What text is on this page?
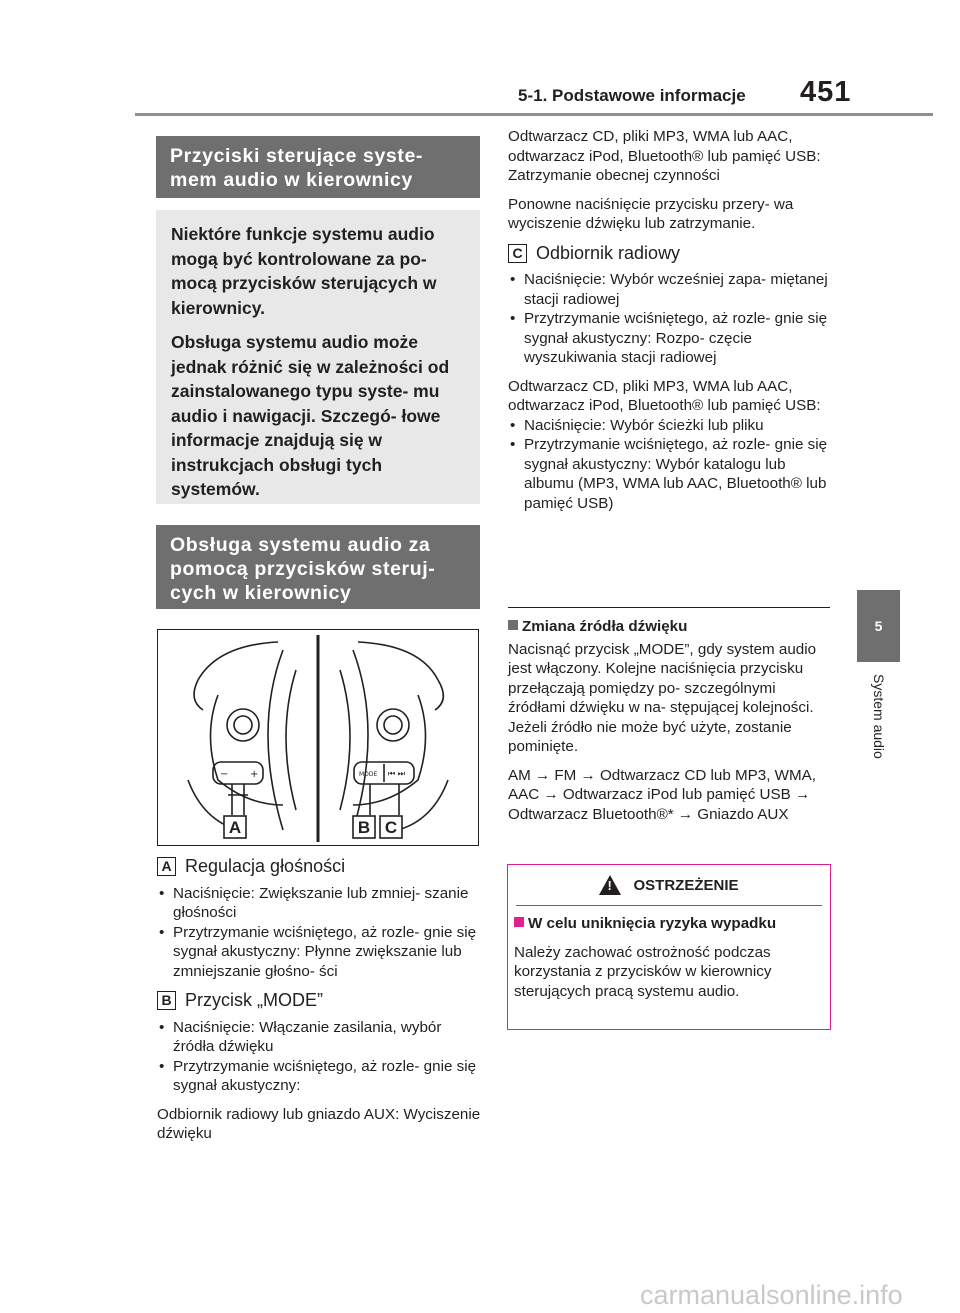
5-1. Podstawowe informacje 451
5
System audio
Przyciski sterujące syste-
mem audio w kierownicy

Niektóre funkcje systemu audio mogą być kontrolowane za po- mocą przycisków sterujących w kierownicy.

Obsługa systemu audio może jednak różnić się w zależności od zainstalowanego typu syste- mu audio i nawigacji. Szczegó- łowe informacje znajdują się w instrukcjach obsługi tych systemów.

Obsługa systemu audio za
pomocą przycisków steruj-
cych w kierownicy
− +	MODE ⏮ ⏭
A	B C
A Regulacja głośności
• Naciśnięcie: Zwiększanie lub zmniej- szanie głośności
• Przytrzymanie wciśniętego, aż rozle- gnie się sygnał akustyczny: Płynne zwiększanie lub zmniejszanie głośno- ści
B Przycisk „MODE”
• Naciśnięcie: Włączanie zasilania, wybór źródła dźwięku
• Przytrzymanie wciśniętego, aż rozle- gnie się sygnał akustyczny:

Odbiornik radiowy lub gniazdo AUX: Wyciszenie dźwięku

Odtwarzacz CD, pliki MP3, WMA lub AAC, odtwarzacz iPod, Bluetooth® lub pamięć USB: Zatrzymanie obecnej czynności

Ponowne naciśnięcie przycisku przery- wa wyciszenie dźwięku lub zatrzymanie.

C Odbiornik radiowy
• Naciśnięcie: Wybór wcześniej zapa- miętanej stacji radiowej
• Przytrzymanie wciśniętego, aż rozle- gnie się sygnał akustyczny: Rozpo- częcie wyszukiwania stacji radiowej

Odtwarzacz CD, pliki MP3, WMA lub AAC, odtwarzacz iPod, Bluetooth® lub pamięć USB:

• Naciśnięcie: Wybór ścieżki lub pliku
• Przytrzymanie wciśniętego, aż rozle- gnie się sygnał akustyczny: Wybór katalogu lub albumu (MP3, WMA lub AAC, Bluetooth® lub pamięć USB)
Zmiana źródła dźwięku

Nacisnąć przycisk „MODE”, gdy system audio jest włączony. Kolejne naciśnięcia przycisku przełączają pomiędzy po- szczególnymi źródłami dźwięku w na- stępującej kolejności. Jeżeli źródło nie może być użyte, zostanie pominięte.

AM → FM → Odtwarzacz CD lub MP3, WMA, AAC → Odtwarzacz iPod lub pamięć USB → Odtwarzacz Bluetooth®* → Gniazdo AUX

! OSTRZEŻENIE
W celu uniknięcia ryzyka wypadku

Należy zachować ostrożność podczas korzystania z przycisków w kierownicy sterujących pracą systemu audio.

carmanualsonline.info
